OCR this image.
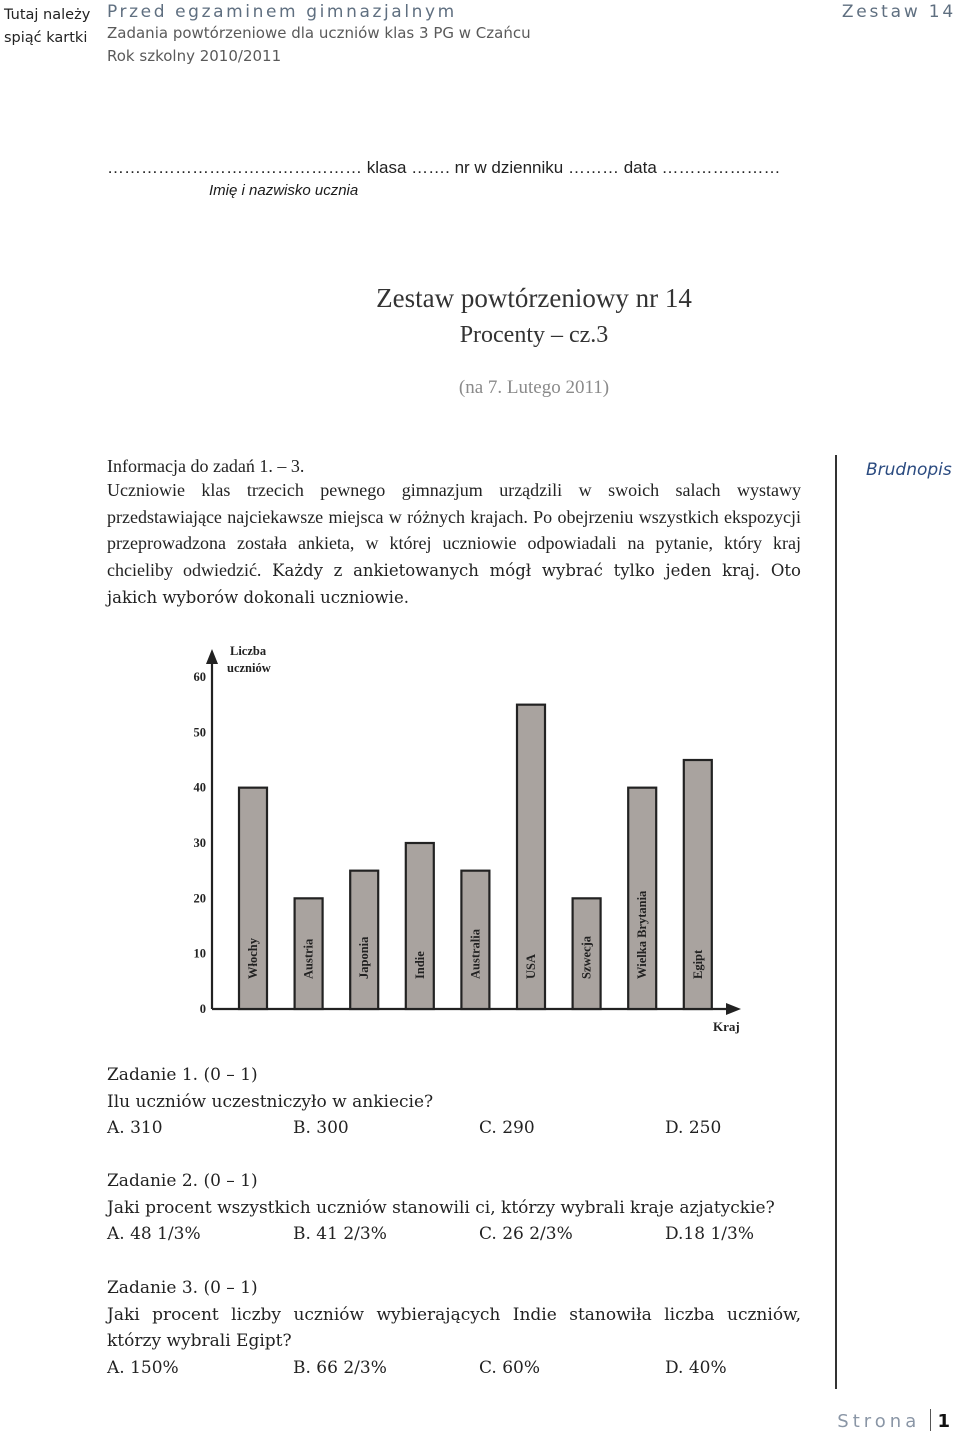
Tutaj należy
spiąć kartki
Przed egzaminem gimnazjalnym
Zadania powtórzeniowe dla uczniów klas 3 PG w Czańcu
Rok szkolny 2010/2011
Zestaw 14
……………………………………… klasa ……. nr w dzienniku ……… data …………………
Imię i nazwisko ucznia
Zestaw powtórzeniowy nr 14
Procenty – cz.3
(na 7. Lutego 2011)
Informacja do zadań 1. – 3.
Uczniowie klas trzecich pewnego gimnazjum urządzili w swoich salach wystawy przedstawiające najciekawsze miejsca w różnych krajach. Po obejrzeniu wszystkich ekspozycji przeprowadzona została ankieta, w której uczniowie odpowiadali na pytanie, który kraj chcieliby odwiedzić. Każdy z ankietowanych mógł wybrać tylko jeden kraj. Oto jakich wyborów dokonali uczniowie.
Brudnopis
0
10
20
30
40
50
60
Liczba
uczniów
Kraj
Włochy	Austria	Japonia	Indie	Australia	USA	Szwecja	Wielka Brytania	Egipt
Zadanie 1. (0 – 1)
Ilu uczniów uczestniczyło w ankiecie?
A. 310	B. 300	C. 290	D. 250
Zadanie 2. (0 – 1)
Jaki procent wszystkich uczniów stanowili ci, którzy wybrali kraje azjatyckie?
A. 48 1/3%	B. 41 2/3%	C. 26 2/3%	D.18 1/3%
Zadanie 3. (0 – 1)
Jaki procent liczby uczniów wybierających Indie stanowiła liczba uczniów, którzy wybrali Egipt?
A. 150%	B. 66 2/3%	C. 60%	D. 40%
Strona 1
